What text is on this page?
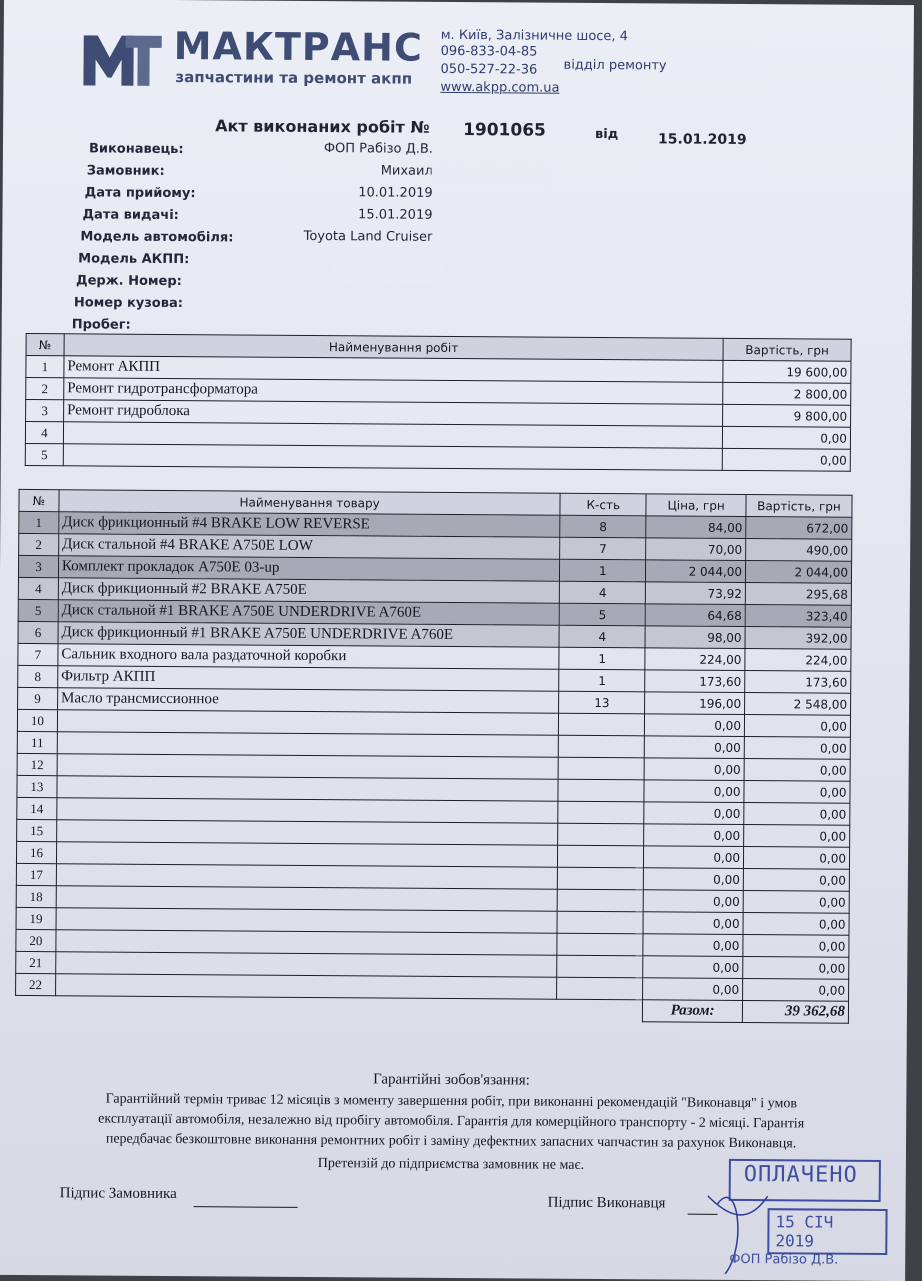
МАКТРАНС
запчастини та ремонт акпп
м. Київ, Залізничне шосе, 4
096-833-04-85
050-527-22-36 відділ ремонту
www.akpp.com.ua
Акт виконаних робіт № 1901065	від	15.01.2019
Виконавець:	ФОП Рабізо Д.В.
Замовник:	Михаил
Дата прийому:	10.01.2019
Дата видачі:	15.01.2019
Модель автомобіля:	Toyota Land Cruiser
Модель АКПП:
Держ. Номер:
Номер кузова:
Пробег:
№	Найменування робіт	Вартість, грн
1	Ремонт АКПП	19 600,00
2	Ремонт гидротрансформатора	2 800,00
3	Ремонт гидроблока	9 800,00
4		0,00
5		0,00
№	Найменування товару	К-сть	Ціна, грн	Вартість, грн
1	Диск фрикционный #4 BRAKE LOW REVERSE	8	84,00	672,00
2	Диск стальной #4 BRAKE A750E LOW	7	70,00	490,00
3	Комплект прокладок А750Е 03-up	1	2 044,00	2 044,00
4	Диск фрикционный #2 BRAKE A750E	4	73,92	295,68
5	Диск стальной #1 BRAKE A750E UNDERDRIVE A760E	5	64,68	323,40
6	Диск фрикционный #1 BRAKE A750E UNDERDRIVE A760E	4	98,00	392,00
7	Сальник входного вала раздаточной коробки	1	224,00	224,00
8	Фильтр АКПП	1	173,60	173,60
9	Масло трансмиссионное	13	196,00	2 548,00
10			0,00	0,00
11			0,00	0,00
12			0,00	0,00
13			0,00	0,00
14			0,00	0,00
15			0,00	0,00
16			0,00	0,00
17			0,00	0,00
18			0,00	0,00
19			0,00	0,00
20			0,00	0,00
21			0,00	0,00
22			0,00	0,00
			Разом:	39 362,68
Гарантійні зобов'язання:
Гарантійний термін триває 12 місяців з моменту завершення робіт, при виконанні рекомендацій "Виконавця" і умов
експлуатації автомобіля, незалежно від пробігу автомобіля. Гарантія для комерційного транспорту - 2 місяці. Гарантія
передбачає безкоштовне виконання ремонтних робіт і заміну дефектних запасних чапчастин за рахунок Виконавця.
Претензій до підприємства замовник не має.
Підпис Замовника
Підпис Виконавця
ОПЛАЧЕНО
15 СІЧ 2019
ФОП Рабізо Д.В.
